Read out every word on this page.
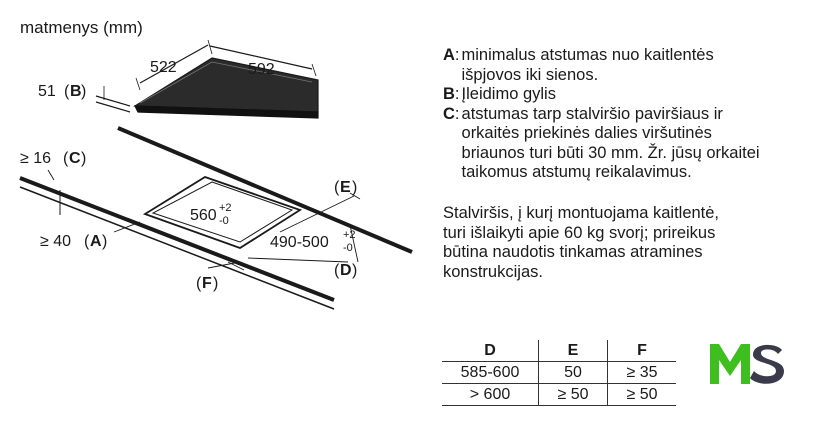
matmenys (mm)
522	592
51 ( B )
≥ 16 ( C )
≥ 40 ( A )
560 +2
-0
490-500 +2
-0
( E )
( D )
( F )
A : minimalus atstumas nuo kaitlentės
išpjovos iki sienos.
B : Įleidimo gylis
C : atstumas tarp stalviršio paviršiaus ir
orkaitės priekinės dalies viršutinės
briaunos turi būti 30 mm. Žr. jūsų orkaitei
taikomus atstumų reikalavimus.
Stalviršis, į kurį montuojama kaitlentė,
turi išlaikyti apie 60 kg svorį; prireikus
būtina naudotis tinkamas atramines
konstrukcijas.
D	E	F
585-600	50	≥ 35
> 600	≥ 50	≥ 50
